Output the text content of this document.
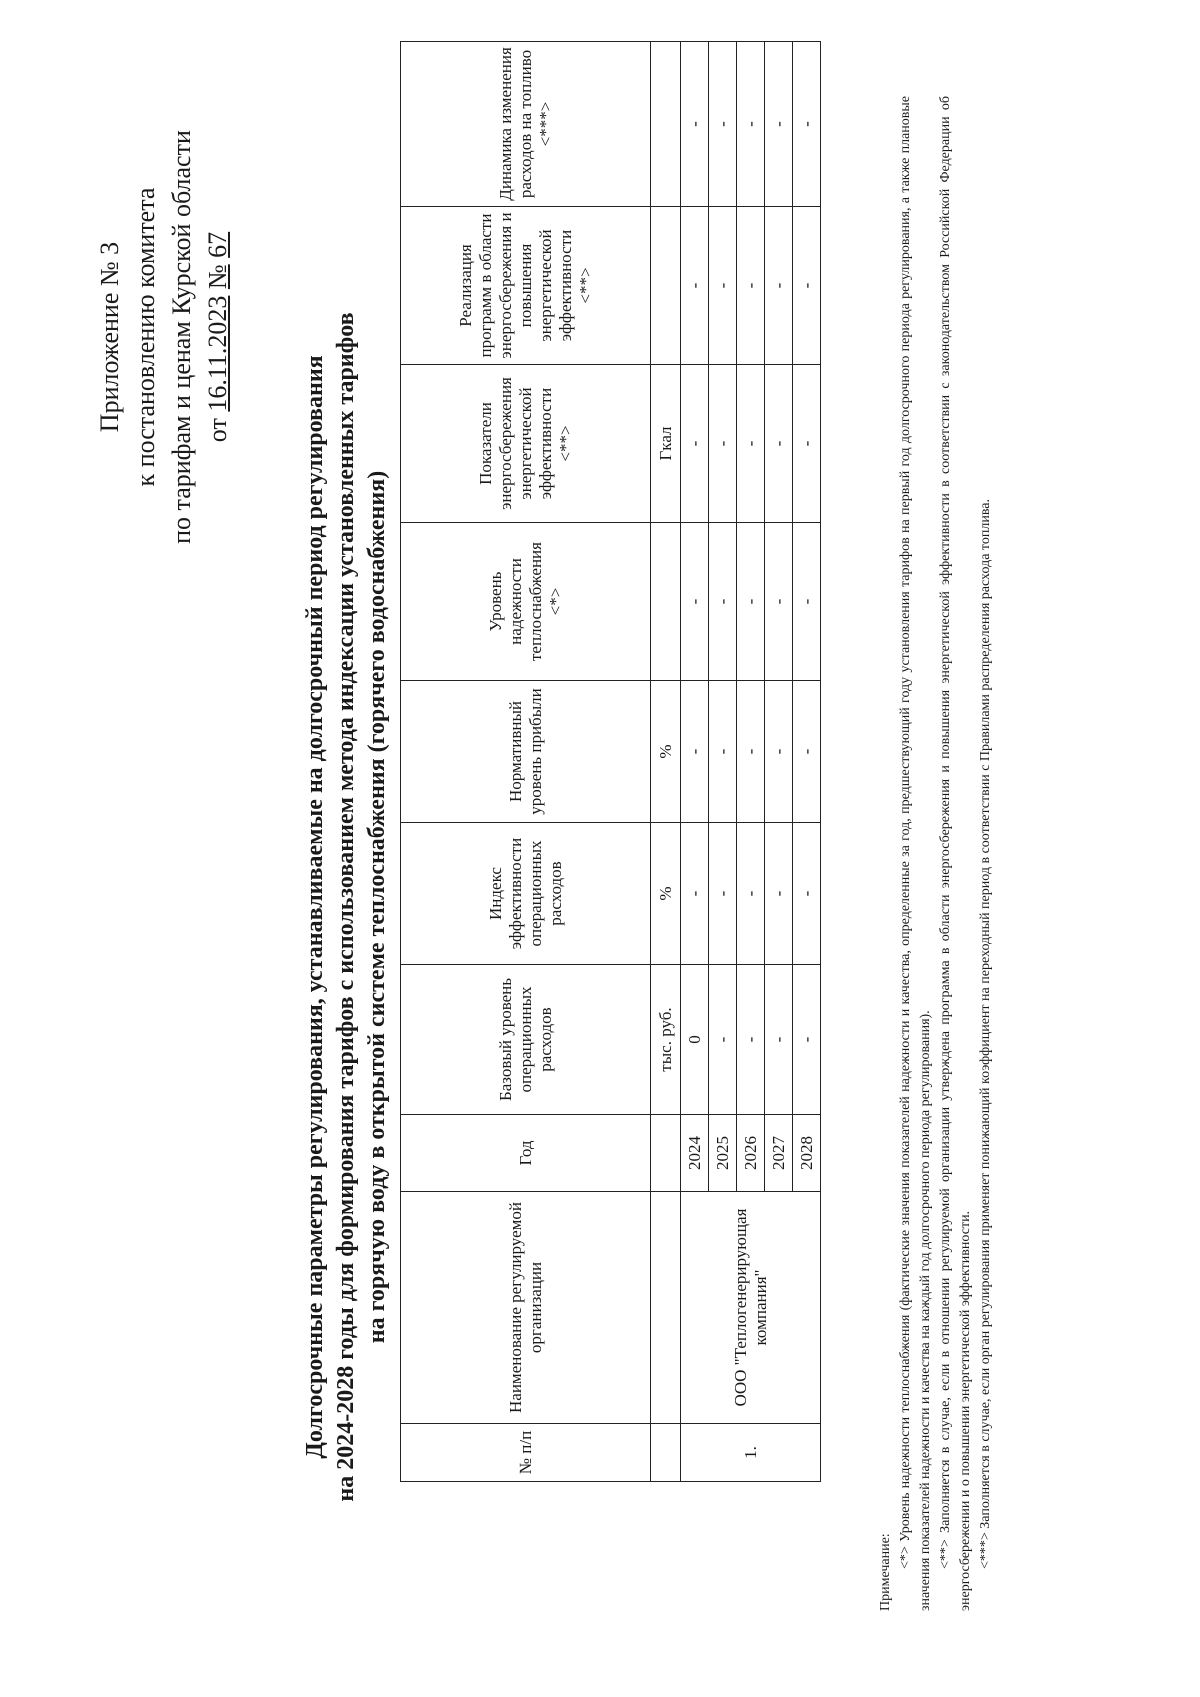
Приложение № 3 к постановлению комитета по тарифам и ценам Курской области от 16.11.2023 № 67
Долгосрочные параметры регулирования, устанавливаемые на долгосрочный период регулирования на 2024-2028 годы для формирования тарифов с использованием метода индексации установленных тарифов на горячую воду в открытой системе теплоснабжения (горячего водоснабжения)
№ п/п	Наименование регулируемой организации	Год	Базовый уровень операционных расходов	Индекс эффективности операционных расходов	Нормативный уровень прибыли	Уровень надежности теплоснабжения <*>	Показатели энергосбережения энергетической эффективности <**>	Реализация программ в области энергосбережения и повышения энергетической эффективности <**>	Динамика изменения расходов на топливо <***>
			тыс. руб.	%	%		Гкал		
1.	ООО "Теплогенерирующая компания"	2024	0	-	-	-	-	-	-
		2025	-	-	-	-	-	-	-
		2026	-	-	-	-	-	-	-
		2027	-	-	-	-	-	-	-
		2028	-	-	-	-	-	-	-

Примечание:

<*> Уровень надежности теплоснабжения (фактические значения показателей надежности и качества, определенные за год, предшествующий году установления тарифов на первый год долгосрочного периода регулирования, а также плановые значения показателей надежности и качества на каждый год долгосрочного периода регулирования). <**> Заполняется в случае, если в отношении регулируемой организации утверждена программа в области энергосбережения и повышения энергетической эффективности в соответствии с законодательством Российской Федерации об энергосбережении и о повышении энергетической эффективности. <***> Заполняется в случае, если орган регулирования применяет понижающий коэффициент на переходный период в соответствии с Правилами распределения расхода топлива.
